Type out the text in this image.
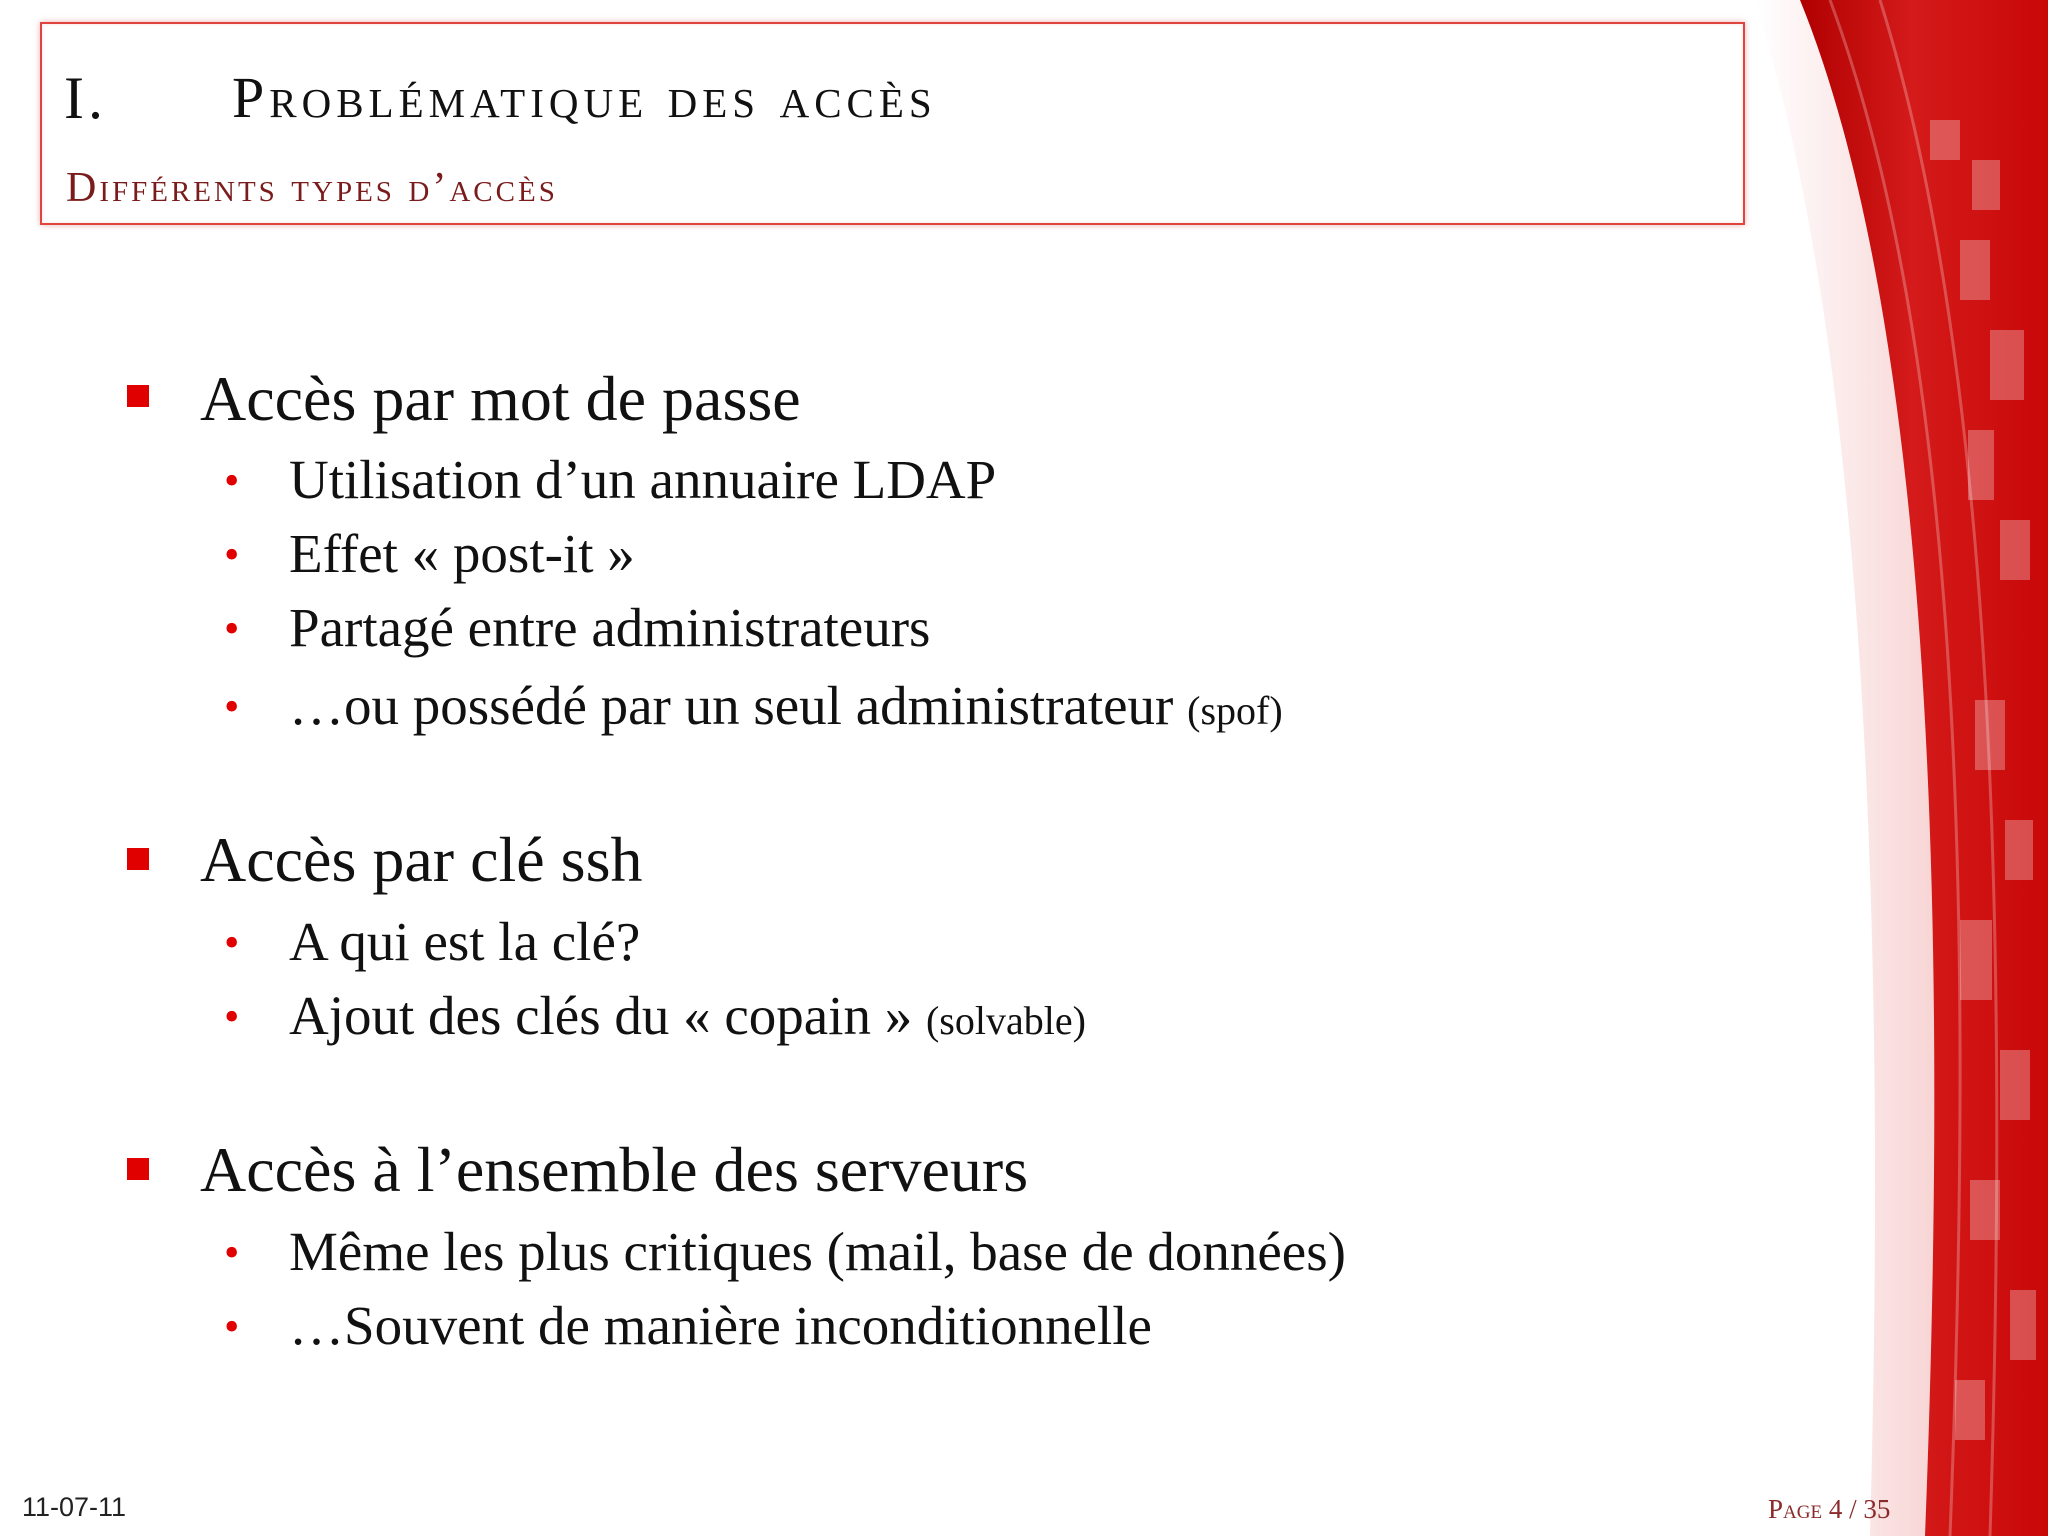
I. Problématique des accès
Différents types d’accès
Accès par mot de passe
• Utilisation d’un annuaire LDAP
• Effet « post-it »
• Partagé entre administrateurs
• …ou possédé par un seul administrateur (spof)
Accès par clé ssh
• A qui est la clé?
• Ajout des clés du « copain » (solvable)
Accès à l’ensemble des serveurs
• Même les plus critiques (mail, base de données)
• …Souvent de manière inconditionnelle
11-07-11	Page 4 / 35
